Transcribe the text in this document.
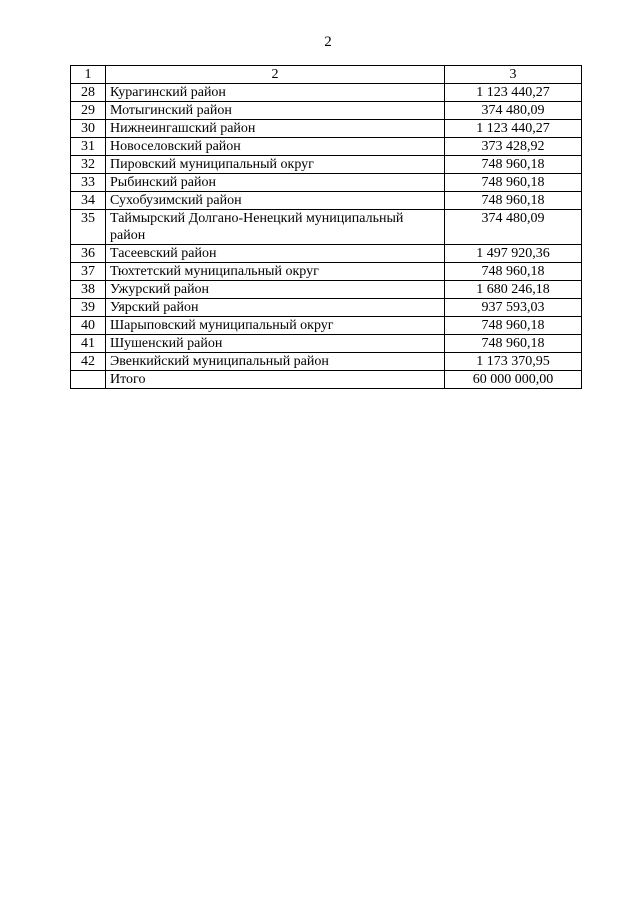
2
1	2	3
28	Курагинский район	1 123 440,27
29	Мотыгинский район	374 480,09
30	Нижнеингашский район	1 123 440,27
31	Новоселовский район	373 428,92
32	Пировский муниципальный округ	748 960,18
33	Рыбинский район	748 960,18
34	Сухобузимский район	748 960,18
35	Таймырский Долгано-Ненецкий муниципальный район	374 480,09
36	Тасеевский район	1 497 920,36
37	Тюхтетский муниципальный округ	748 960,18
38	Ужурский район	1 680 246,18
39	Уярский район	937 593,03
40	Шарыповский муниципальный округ	748 960,18
41	Шушенский район	748 960,18
42	Эвенкийский муниципальный район	1 173 370,95
	Итого	60 000 000,00
